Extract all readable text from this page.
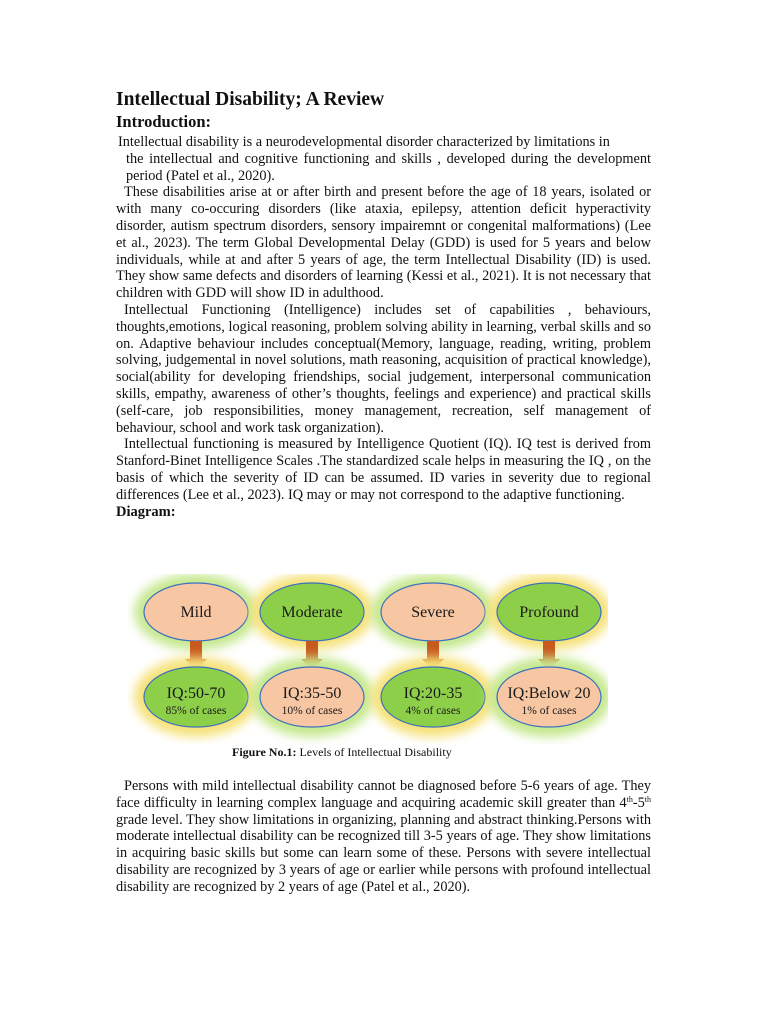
Intellectual Disability; A Review
Introduction:

Intellectual disability is a neurodevelopmental disorder characterized by limitations in
the intellectual and cognitive functioning and skills , developed during the development period (Patel et al., 2020).

These disabilities arise at or after birth and present before the age of 18 years, isolated or with many co-occuring disorders (like ataxia, epilepsy, attention deficit hyperactivity disorder, autism spectrum disorders, sensory impairemnt or congenital malformations) (Lee et al., 2023). The term Global Developmental Delay (GDD) is used for 5 years and below individuals, while at and after 5 years of age, the term Intellectual Disability (ID) is used. They show same defects and disorders of learning (Kessi et al., 2021). It is not necessary that children with GDD will show ID in adulthood.

Intellectual Functioning (Intelligence) includes set of capabilities , behaviours, thoughts,emotions, logical reasoning, problem solving ability in learning, verbal skills and so on. Adaptive behaviour includes conceptual(Memory, language, reading, writing, problem solving, judgemental in novel solutions, math reasoning, acquisition of practical knowledge), social(ability for developing friendships, social judgement, interpersonal communication skills, empathy, awareness of other’s thoughts, feelings and experience) and practical skills (self-care, job responsibilities, money management, recreation, self management of behaviour, school and work task organization).

Intellectual functioning is measured by Intelligence Quotient (IQ). IQ test is derived from Stanford-Binet Intelligence Scales .The standardized scale helps in measuring the IQ , on the basis of which the severity of ID can be assumed. ID varies in severity due to regional differences (Lee et al., 2023). IQ may or may not correspond to the adaptive functioning.

Diagram:
Mild
IQ:50-70
85% of cases
Moderate
IQ:35-50
10% of cases
Severe
IQ:20-35
4% of cases
Profound
IQ:Below 20
1% of cases
Figure No.1: Levels of Intellectual Disability

Persons with mild intellectual disability cannot be diagnosed before 5-6 years of age. They face difficulty in learning complex language and acquiring academic skill greater than 4th-5th grade level. They show limitations in organizing, planning and abstract thinking.Persons with moderate intellectual disability can be recognized till 3-5 years of age. They show limitations in acquiring basic skills but some can learn some of these. Persons with severe intellectual disability are recognized by 3 years of age or earlier while persons with profound intellectual disability are recognized by 2 years of age (Patel et al., 2020).
